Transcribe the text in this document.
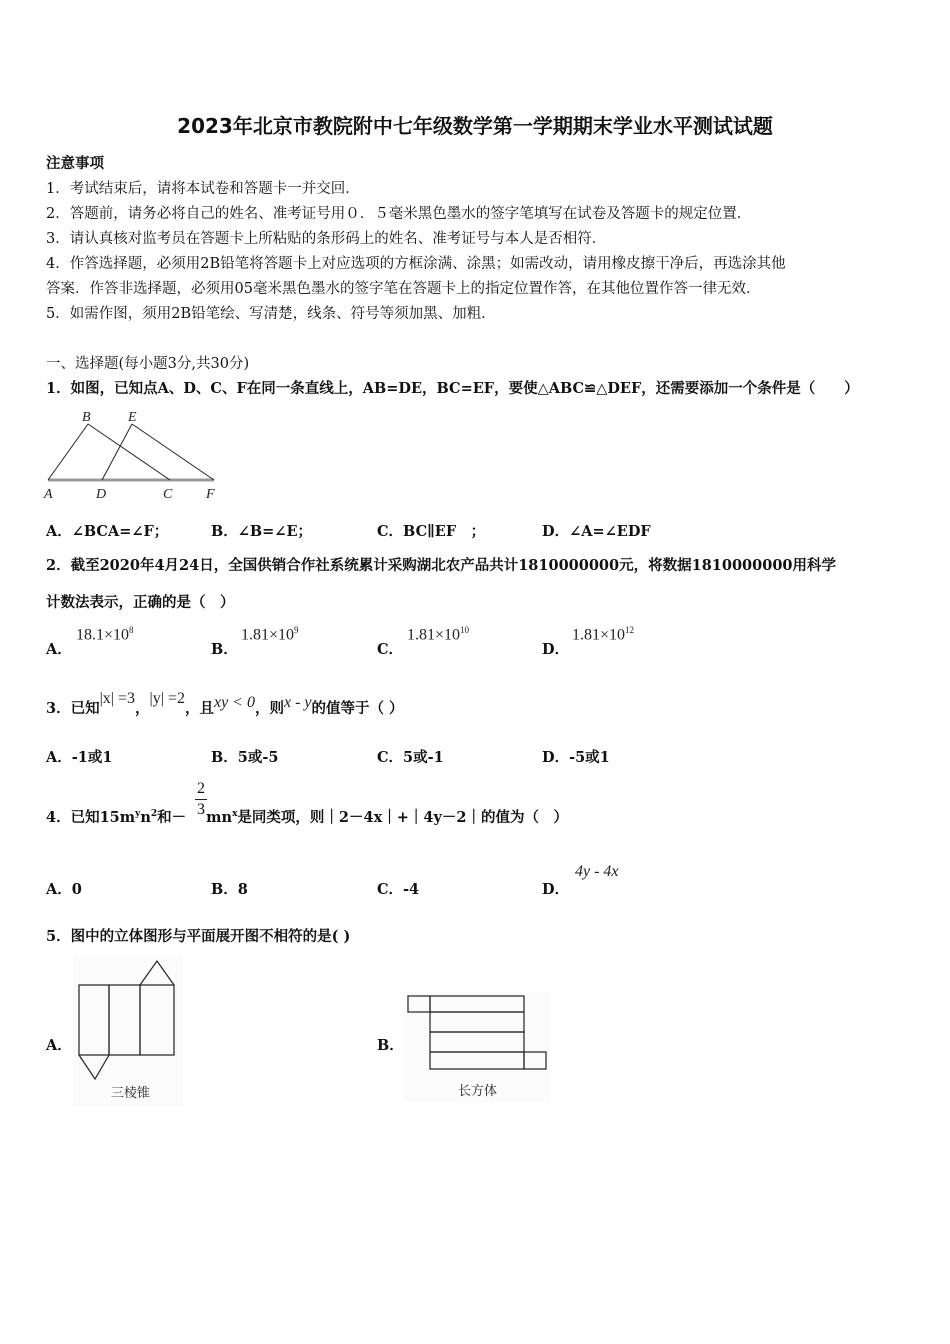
2023年北京市教院附中七年级数学第一学期期末学业水平测试试题
注意事项
1．考试结束后，请将本试卷和答题卡一并交回．
2．答题前，请务必将自己的姓名、准考证号用０．５毫米黑色墨水的签字笔填写在试卷及答题卡的规定位置．
3．请认真核对监考员在答题卡上所粘贴的条形码上的姓名、准考证号与本人是否相符．
4．作答选择题，必须用2B铅笔将答题卡上对应选项的方框涂满、涂黑；如需改动，请用橡皮擦干净后，再选涂其他
答案．作答非选择题，必须用05毫米黑色墨水的签字笔在答题卡上的指定位置作答，在其他位置作答一律无效．
5．如需作图，须用2B铅笔绘、写清楚，线条、符号等须加黑、加粗．
一、选择题(每小题3分,共30分)
1．如图，已知点A、D、C、F在同一条直线上，AB=DE，BC=EF，要使△ABC≌△DEF，还需要添加一个条件是（　　）
B	E
A	D	C F
A．∠BCA=∠F；	B．∠B=∠E；	C．BC∥EF　；	D．∠A=∠EDF
2．截至2020年4月24日，全国供销合作社系统累计采购湖北农产品共计1810000000元，将数据1810000000用科学
计数法表示，正确的是（　）
A．
$18.1\times 10^8$
B．
$1.81\times 10^9$
C．
$1.81\times 10^{10}$
D．
$1.81\times 10^{12}$
3．已知|x| =3，|y| =2，且xy < 0，则x - y的值等于（ ）
A．-1或1	B．5或-5	C．5或-1	D．-5或1
4．已知$15m^yn^2$和－ $mn^x$是同类项，则｜2－4x｜+｜4y－2｜的值为（　）
2
3
A．0	B．8	C．-4	D．
4y - 4x
5．图中的立体图形与平面展开图不相符的是( )
A．
三棱锥
B．
长方体
